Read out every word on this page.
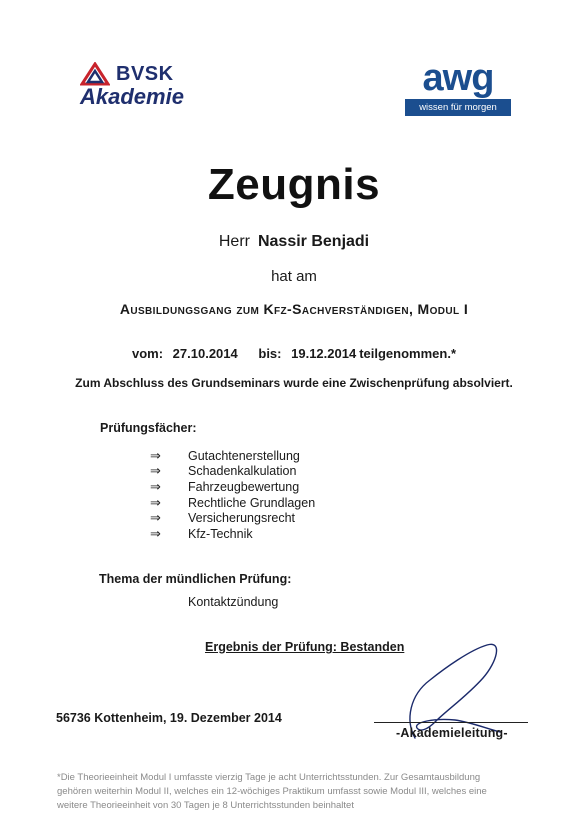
BVSK
Akademie	awg
wissen für morgen
Zeugnis
Herr Nassir Benjadi
hat am
Ausbildungsgang zum Kfz-Sachverständigen, Modul I
vom: 27.10.2014 bis: 19.12.2014 teilgenommen.*
Zum Abschluss des Grundseminars wurde eine Zwischenprüfung absolviert.
Prüfungsfächer:
⇒	Gutachtenerstellung
⇒	Schadenkalkulation
⇒	Fahrzeugbewertung
⇒	Rechtliche Grundlagen
⇒	Versicherungsrecht
⇒	Kfz-Technik
Thema der mündlichen Prüfung:
Kontaktzündung
Ergebnis der Prüfung: Bestanden
56736 Kottenheim, 19. Dezember 2014
-Akademieleitung-
*Die Theorieeinheit Modul I umfasste vierzig Tage je acht Unterrichtsstunden. Zur Gesamtausbildung gehören weiterhin Modul II, welches ein 12-wöchiges Praktikum umfasst sowie Modul III, welches eine weitere Theorieeinheit von 30 Tagen je 8 Unterrichtsstunden beinhaltet
